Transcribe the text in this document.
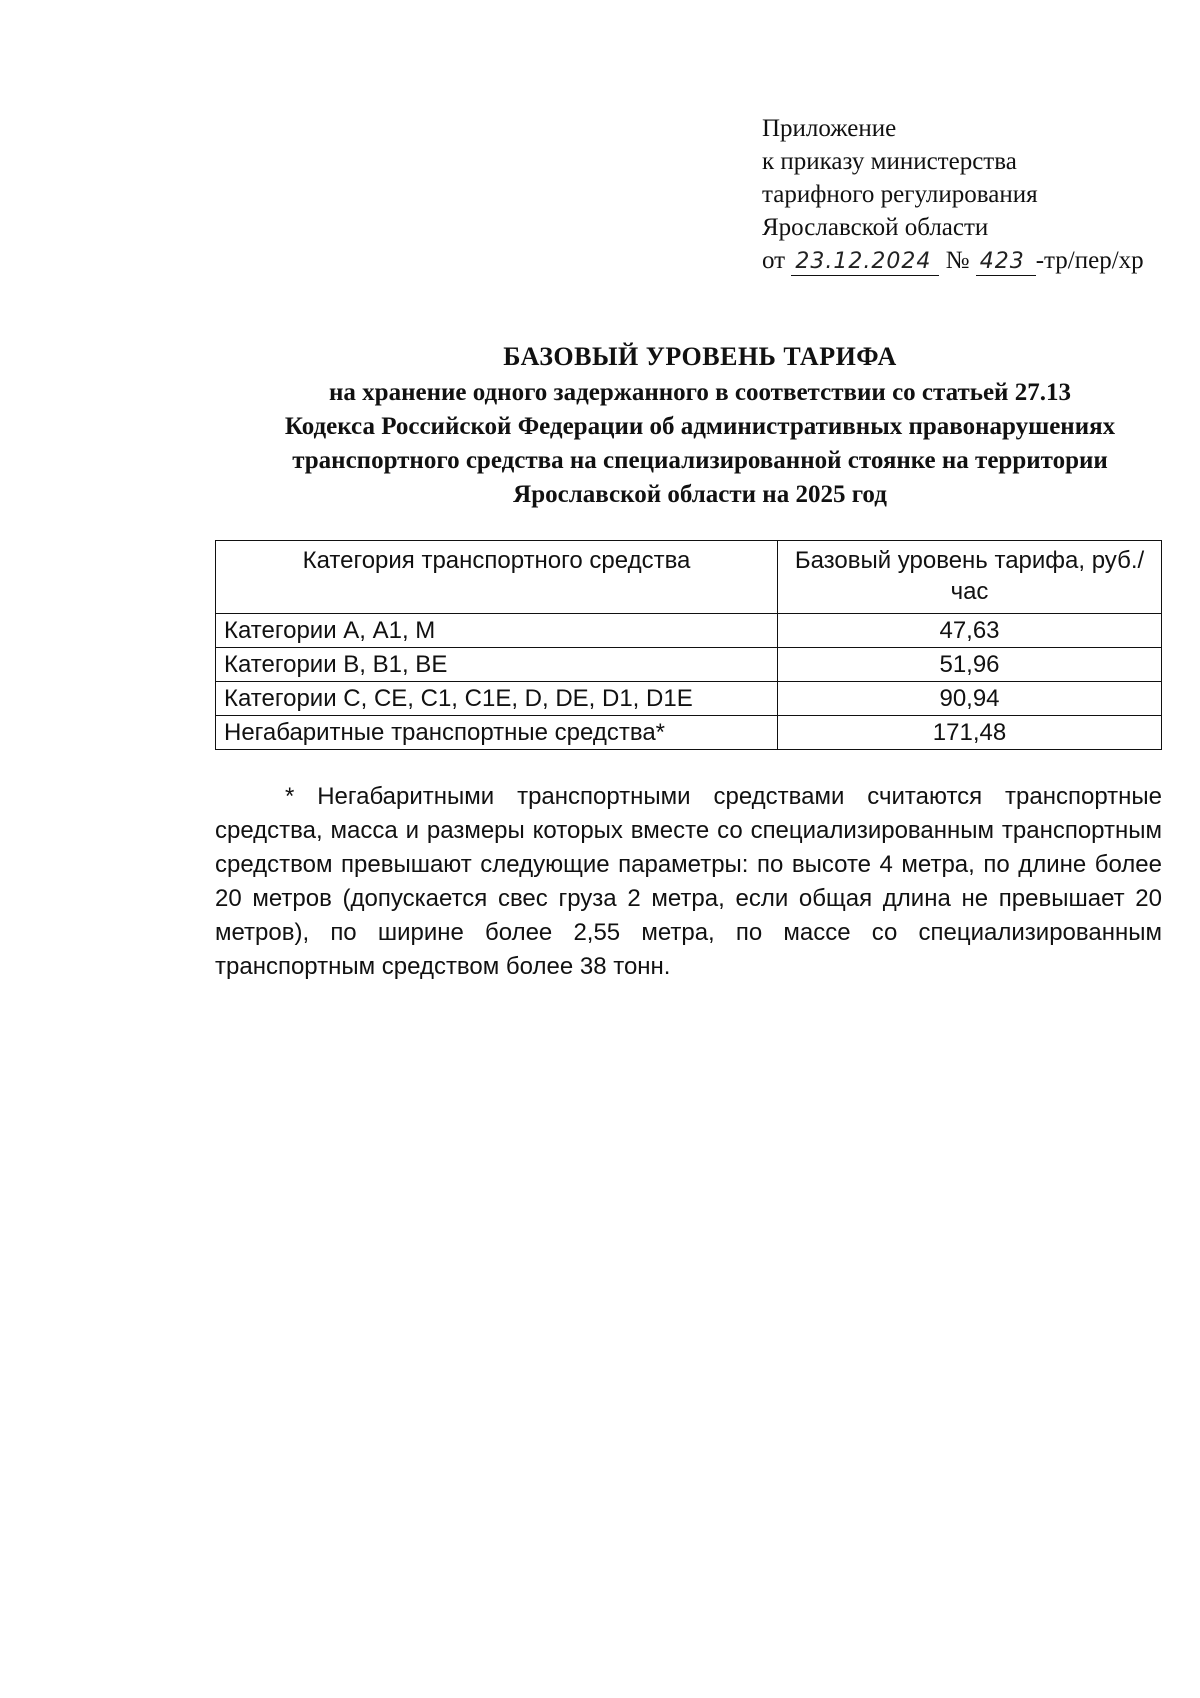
Приложение
к приказу министерства
тарифного регулирования
Ярославской области
от 23.12.2024 № 423 -тр/пер/хр
БАЗОВЫЙ УРОВЕНЬ ТАРИФА
на хранение одного задержанного в соответствии со статьей 27.13
Кодекса Российской Федерации об административных правонарушениях
транспортного средства на специализированной стоянке на территории
Ярославской области на 2025 год
Категория транспортного средства	Базовый уровень тарифа, руб./час
Категории А, А1, М	47,63
Категории В, В1, ВЕ	51,96
Категории С, СЕ, С1, С1Е, D, DE, D1, D1E	90,94
Негабаритные транспортные средства*	171,48
* Негабаритными транспортными средствами считаются транспортные средства, масса и размеры которых вместе со специализированным транспортным средством превышают следующие параметры: по высоте 4 метра, по длине более 20 метров (допускается свес груза 2 метра, если общая длина не превышает 20 метров), по ширине более 2,55 метра, по массе со специализированным транспортным средством более 38 тонн.
